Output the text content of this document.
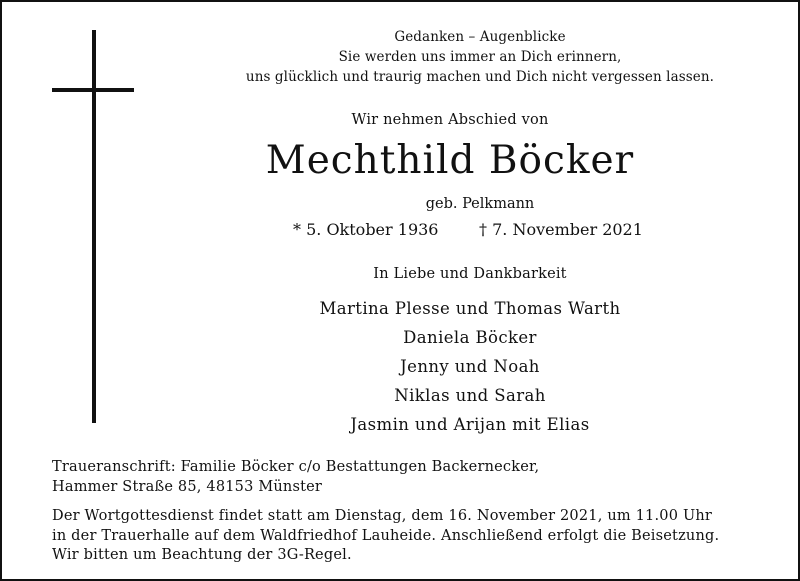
Gedanken – Augenblicke
Sie werden uns immer an Dich erinnern,
uns glücklich und traurig machen und Dich nicht vergessen lassen.
Wir nehmen Abschied von
Mechthild Böcker
geb. Pelkmann
* 5. Oktober 1936	† 7. November 2021
In Liebe und Dankbarkeit
Martina Plesse und Thomas Warth
Daniela Böcker
Jenny und Noah
Niklas und Sarah
Jasmin und Arijan mit Elias

Traueranschrift: Familie Böcker c/o Bestattungen Backernecker,

Hammer Straße 85, 48153 Münster

Der Wortgottesdienst findet statt am Dienstag, dem 16. November 2021, um 11.00 Uhr

in der Trauerhalle auf dem Waldfriedhof Lauheide. Anschließend erfolgt die Beisetzung.

Wir bitten um Beachtung der 3G-Regel.
